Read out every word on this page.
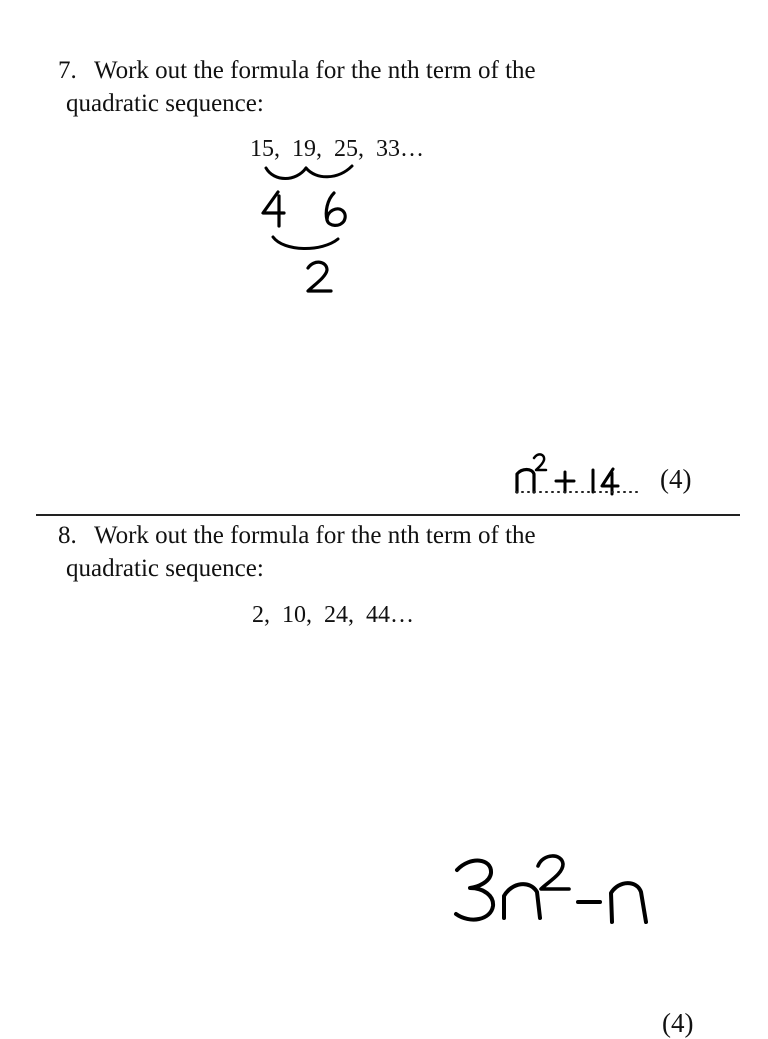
7. Work out the formula for the nth term of the
quadratic sequence:
15, 19, 25, 33…
(4)
8. Work out the formula for the nth term of the
quadratic sequence:
2, 10, 24, 44…
(4)
